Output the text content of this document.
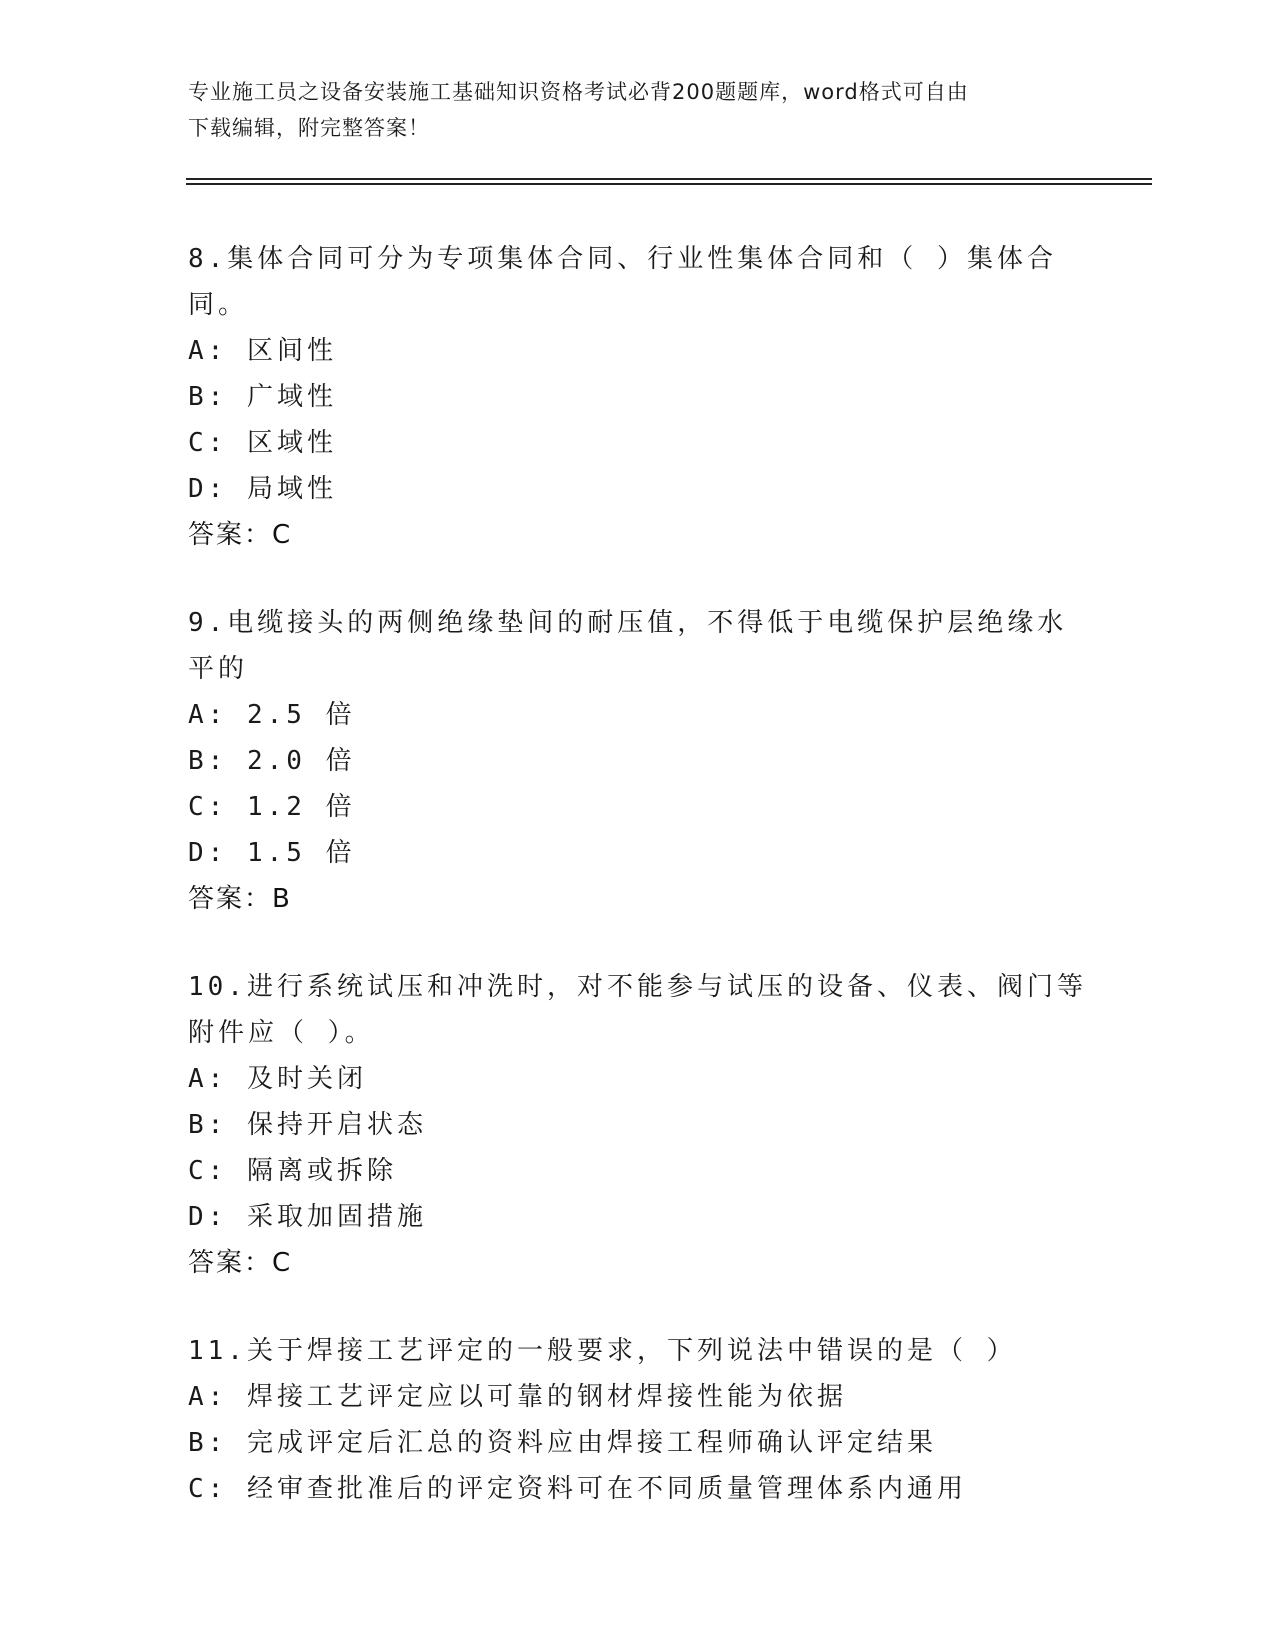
专业施工员之设备安装施工基础知识资格考试必背200题题库，word格式可自由
下载编辑，附完整答案！
8.集体合同可分为专项集体合同、行业性集体合同和（ ）集体合同。
A: 区间性
B: 广域性
C: 区域性
D: 局域性
答案：C
9.电缆接头的两侧绝缘垫间的耐压值，不得低于电缆保护层绝缘水平的
A: 2.5 倍
B: 2.0 倍
C: 1.2 倍
D: 1.5 倍
答案：B
10.进行系统试压和冲洗时，对不能参与试压的设备、仪表、阀门等附件应（ ）。
A: 及时关闭
B: 保持开启状态
C: 隔离或拆除
D: 采取加固措施
答案：C
11.关于焊接工艺评定的一般要求，下列说法中错误的是（ ）
A: 焊接工艺评定应以可靠的钢材焊接性能为依据
B: 完成评定后汇总的资料应由焊接工程师确认评定结果
C: 经审查批准后的评定资料可在不同质量管理体系内通用
